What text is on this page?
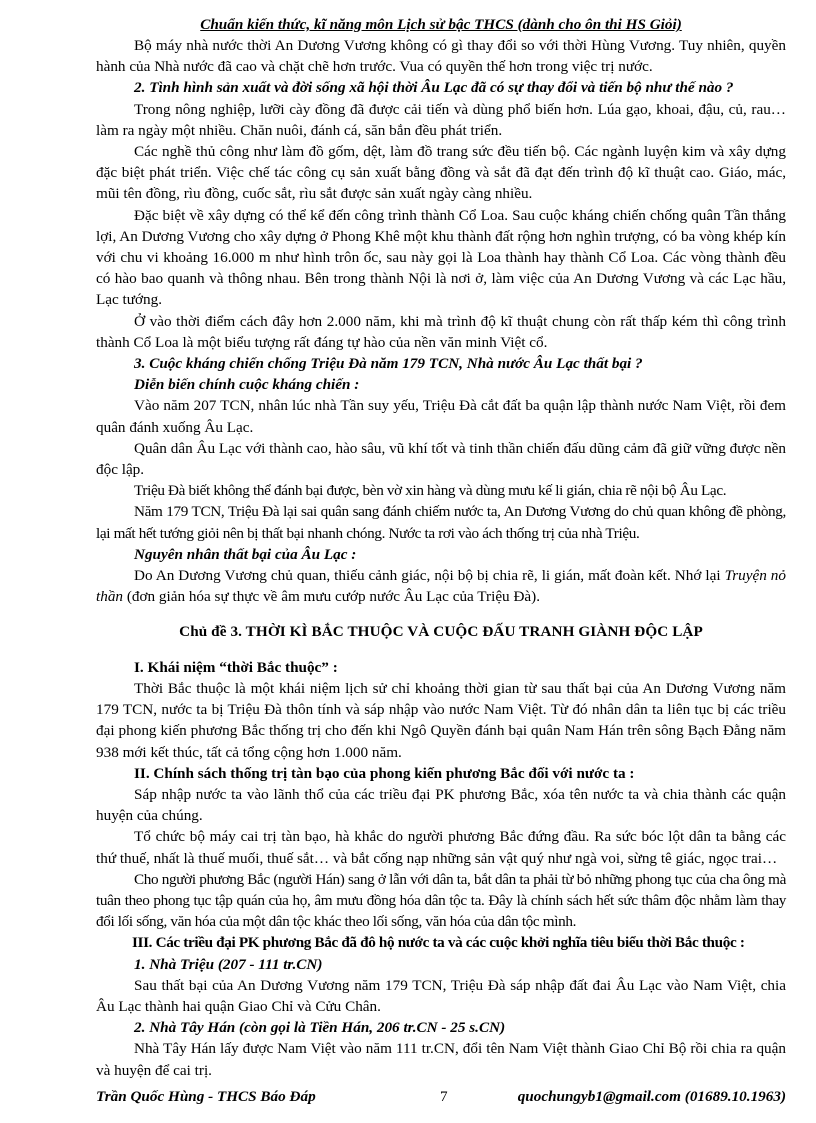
Chuẩn kiến thức, kĩ năng môn Lịch sử bậc THCS (dành cho ôn thi HS Giỏi)

Bộ máy nhà nước thời An Dương Vương không có gì thay đổi so với thời Hùng Vương. Tuy nhiên, quyền hành của Nhà nước đã cao và chặt chẽ hơn trước. Vua có quyền thế hơn trong việc trị nước.

2. Tình hình sản xuất và đời sống xã hội thời Âu Lạc đã có sự thay đổi và tiến bộ như thế nào ?

Trong nông nghiệp, lưỡi cày đồng đã được cải tiến và dùng phổ biến hơn. Lúa gạo, khoai, đậu, củ, rau… làm ra ngày một nhiều. Chăn nuôi, đánh cá, săn bắn đều phát triển.

Các nghề thủ công như làm đồ gốm, dệt, làm đồ trang sức đều tiến bộ. Các ngành luyện kim và xây dựng đặc biệt phát triển. Việc chế tác công cụ sản xuất bằng đồng và sắt đã đạt đến trình độ kĩ thuật cao. Giáo, mác, mũi tên đồng, rìu đồng, cuốc sắt, rìu sắt được sản xuất ngày càng nhiều.

Đặc biệt về xây dựng có thể kể đến công trình thành Cổ Loa. Sau cuộc kháng chiến chống quân Tần thắng lợi, An Dương Vương cho xây dựng ở Phong Khê một khu thành đất rộng hơn nghìn trượng, có ba vòng khép kín với chu vi khoảng 16.000 m như hình trôn ốc, sau này gọi là Loa thành hay thành Cổ Loa. Các vòng thành đều có hào bao quanh và thông nhau. Bên trong thành Nội là nơi ở, làm việc của An Dương Vương và các Lạc hầu, Lạc tướng.

Ở vào thời điểm cách đây hơn 2.000 năm, khi mà trình độ kĩ thuật chung còn rất thấp kém thì công trình thành Cổ Loa là một biểu tượng rất đáng tự hào của nền văn minh Việt cổ.

3. Cuộc kháng chiến chống Triệu Đà năm 179 TCN, Nhà nước Âu Lạc thất bại ?

Diễn biến chính cuộc kháng chiến :

Vào năm 207 TCN, nhân lúc nhà Tần suy yếu, Triệu Đà cắt đất ba quận lập thành nước Nam Việt, rồi đem quân đánh xuống Âu Lạc.

Quân dân Âu Lạc với thành cao, hào sâu, vũ khí tốt và tinh thần chiến đấu dũng cảm đã giữ vững được nền độc lập.

Triệu Đà biết không thể đánh bại được, bèn vờ xin hàng và dùng mưu kế li gián, chia rẽ nội bộ Âu Lạc.

Năm 179 TCN, Triệu Đà lại sai quân sang đánh chiếm nước ta, An Dương Vương do chủ quan không đề phòng, lại mất hết tướng giỏi nên bị thất bại nhanh chóng. Nước ta rơi vào ách thống trị của nhà Triệu.

Nguyên nhân thất bại của Âu Lạc :

Do An Dương Vương chủ quan, thiếu cảnh giác, nội bộ bị chia rẽ, li gián, mất đoàn kết. Nhớ lại Truyện nỏ thần (đơn giản hóa sự thực về âm mưu cướp nước Âu Lạc của Triệu Đà).

Chủ đề 3. THỜI KÌ BẮC THUỘC VÀ CUỘC ĐẤU TRANH GIÀNH ĐỘC LẬP

I. Khái niệm “thời Bắc thuộc” :

Thời Bắc thuộc là một khái niệm lịch sử chỉ khoảng thời gian từ sau thất bại của An Dương Vương năm 179 TCN, nước ta bị Triệu Đà thôn tính và sáp nhập vào nước Nam Việt. Từ đó nhân dân ta liên tục bị các triều đại phong kiến phương Bắc thống trị cho đến khi Ngô Quyền đánh bại quân Nam Hán trên sông Bạch Đằng năm 938 mới kết thúc, tất cả tổng cộng hơn 1.000 năm.

II. Chính sách thống trị tàn bạo của phong kiến phương Bắc đối với nước ta :

Sáp nhập nước ta vào lãnh thổ của các triều đại PK phương Bắc, xóa tên nước ta và chia thành các quận huyện của chúng.

Tổ chức bộ máy cai trị tàn bạo, hà khắc do người phương Bắc đứng đầu. Ra sức bóc lột dân ta bằng các thứ thuế, nhất là thuế muối, thuế sắt… và bắt cống nạp những sản vật quý như ngà voi, sừng tê giác, ngọc trai…

Cho người phương Bắc (người Hán) sang ở lẫn với dân ta, bắt dân ta phải từ bỏ những phong tục của cha ông mà tuân theo phong tục tập quán của họ, âm mưu đồng hóa dân tộc ta. Đây là chính sách hết sức thâm độc nhằm làm thay đổi lối sống, văn hóa của một dân tộc khác theo lối sống, văn hóa của dân tộc mình.

III. Các triều đại PK phương Bắc đã đô hộ nước ta và các cuộc khởi nghĩa tiêu biểu thời Bắc thuộc :

1. Nhà Triệu (207 - 111 tr.CN)

Sau thất bại của An Dương Vương năm 179 TCN, Triệu Đà sáp nhập đất đai Âu Lạc vào Nam Việt, chia Âu Lạc thành hai quận Giao Chỉ và Cửu Chân.

2. Nhà Tây Hán (còn gọi là Tiền Hán, 206 tr.CN - 25 s.CN)

Nhà Tây Hán lấy được Nam Việt vào năm 111 tr.CN, đổi tên Nam Việt thành Giao Chỉ Bộ rồi chia ra quận và huyện để cai trị.

Trần Quốc Hùng - THCS Báo Đáp	7	quochungyb1@gmail.com (01689.10.1963)
